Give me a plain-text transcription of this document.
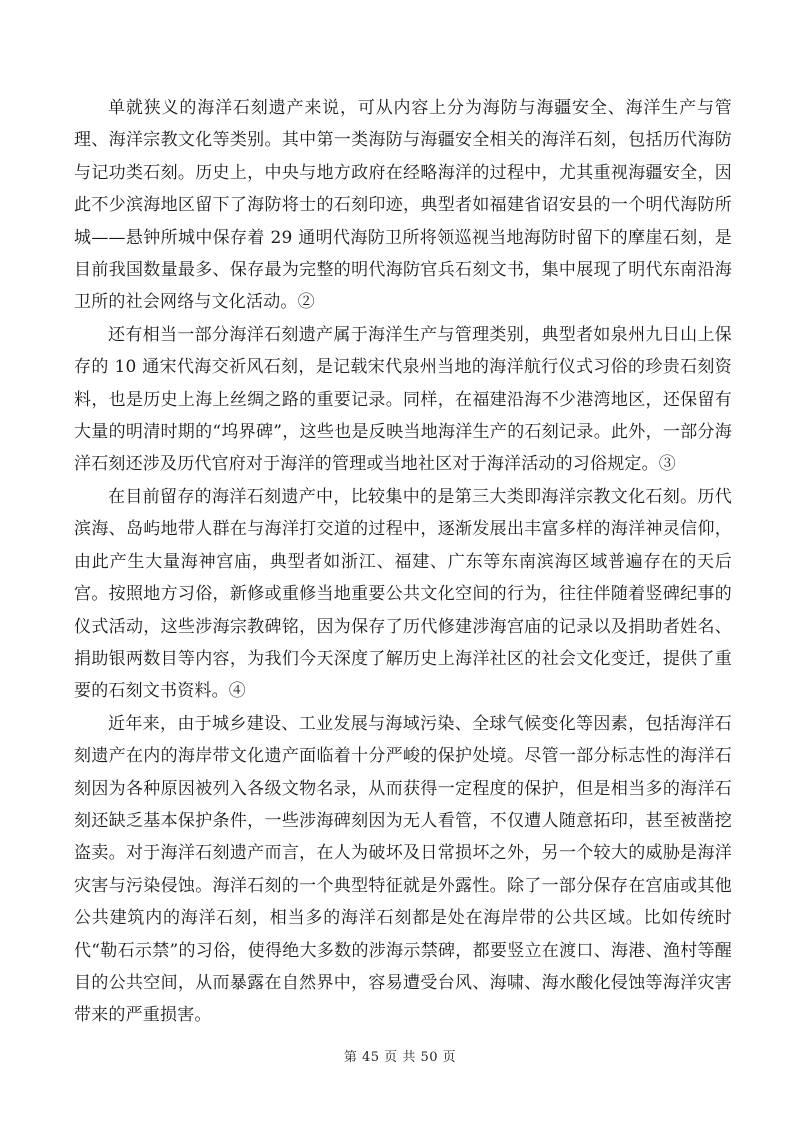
单就狭义的海洋石刻遗产来说，可从内容上分为海防与海疆安全、海洋生产与管理、海洋宗教文化等类别。其中第一类海防与海疆安全相关的海洋石刻，包括历代海防与记功类石刻。历史上，中央与地方政府在经略海洋的过程中，尤其重视海疆安全，因此不少滨海地区留下了海防将士的石刻印迹，典型者如福建省诏安县的一个明代海防所城——悬钟所城中保存着 29 通明代海防卫所将领巡视当地海防时留下的摩崖石刻，是目前我国数量最多、保存最为完整的明代海防官兵石刻文书，集中展现了明代东南沿海卫所的社会网络与文化活动。②

还有相当一部分海洋石刻遗产属于海洋生产与管理类别，典型者如泉州九日山上保存的 10 通宋代海交祈风石刻，是记载宋代泉州当地的海洋航行仪式习俗的珍贵石刻资料，也是历史上海上丝绸之路的重要记录。同样，在福建沿海不少港湾地区，还保留有大量的明清时期的“坞界碑”，这些也是反映当地海洋生产的石刻记录。此外，一部分海洋石刻还涉及历代官府对于海洋的管理或当地社区对于海洋活动的习俗规定。③

在目前留存的海洋石刻遗产中，比较集中的是第三大类即海洋宗教文化石刻。历代滨海、岛屿地带人群在与海洋打交道的过程中，逐渐发展出丰富多样的海洋神灵信仰，由此产生大量海神宫庙，典型者如浙江、福建、广东等东南滨海区域普遍存在的天后宫。按照地方习俗，新修或重修当地重要公共文化空间的行为，往往伴随着竖碑纪事的仪式活动，这些涉海宗教碑铭，因为保存了历代修建涉海宫庙的记录以及捐助者姓名、捐助银两数目等内容，为我们今天深度了解历史上海洋社区的社会文化变迁，提供了重要的石刻文书资料。④

近年来，由于城乡建设、工业发展与海域污染、全球气候变化等因素，包括海洋石刻遗产在内的海岸带文化遗产面临着十分严峻的保护处境。尽管一部分标志性的海洋石刻因为各种原因被列入各级文物名录，从而获得一定程度的保护，但是相当多的海洋石刻还缺乏基本保护条件，一些涉海碑刻因为无人看管，不仅遭人随意拓印，甚至被凿挖盗卖。对于海洋石刻遗产而言，在人为破坏及日常损坏之外，另一个较大的威胁是海洋灾害与污染侵蚀。海洋石刻的一个典型特征就是外露性。除了一部分保存在宫庙或其他公共建筑内的海洋石刻，相当多的海洋石刻都是处在海岸带的公共区域。比如传统时代“勒石示禁”的习俗，使得绝大多数的涉海示禁碑，都要竖立在渡口、海港、渔村等醒目的公共空间，从而暴露在自然界中，容易遭受台风、海啸、海水酸化侵蚀等海洋灾害带来的严重损害。

第 45 页 共 50 页
